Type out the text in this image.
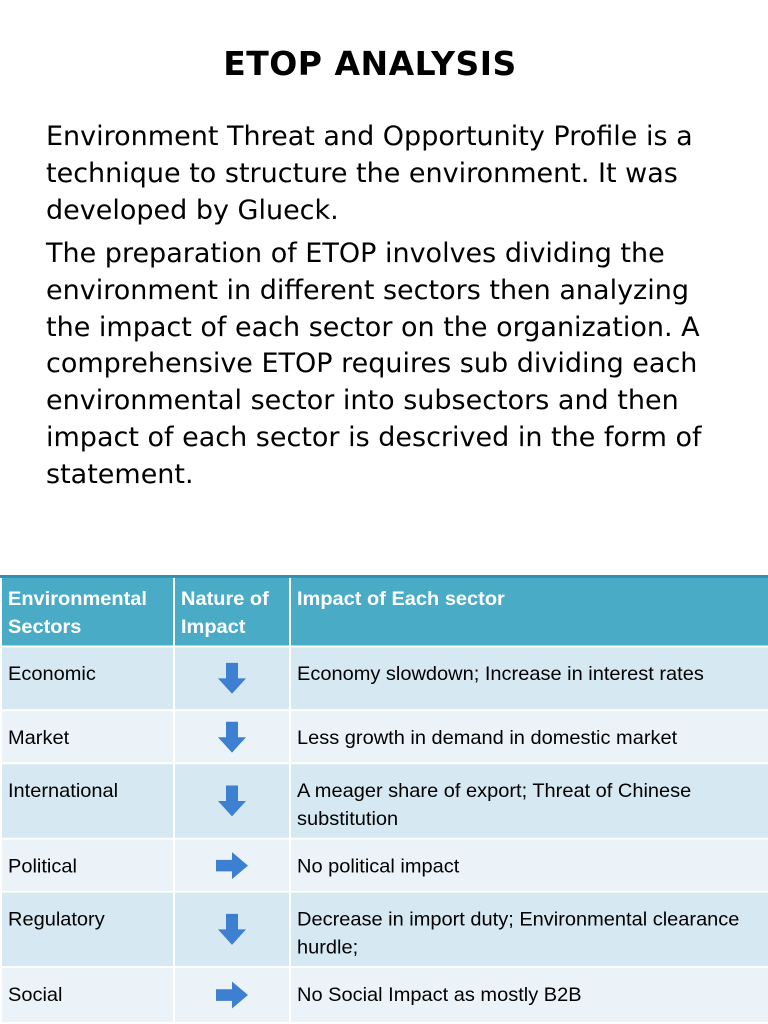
ETOP ANALYSIS
Environment Threat and Opportunity Profile is a technique to structure the environment. It was developed by Glueck.
The preparation of ETOP involves dividing the environment in different sectors then analyzing the impact of each sector on the organization. A comprehensive ETOP requires sub dividing each environmental sector into subsectors and then impact of each sector is descrived in the form of statement.
Environmental Sectors	Nature of Impact	Impact of Each sector
Economic		Economy slowdown; Increase in interest rates
Market		Less growth in demand in domestic market
International		A meager share of export; Threat of Chinese substitution
Political		No political impact
Regulatory		Decrease in import duty; Environmental clearance hurdle;
Social		No Social Impact as mostly B2B
